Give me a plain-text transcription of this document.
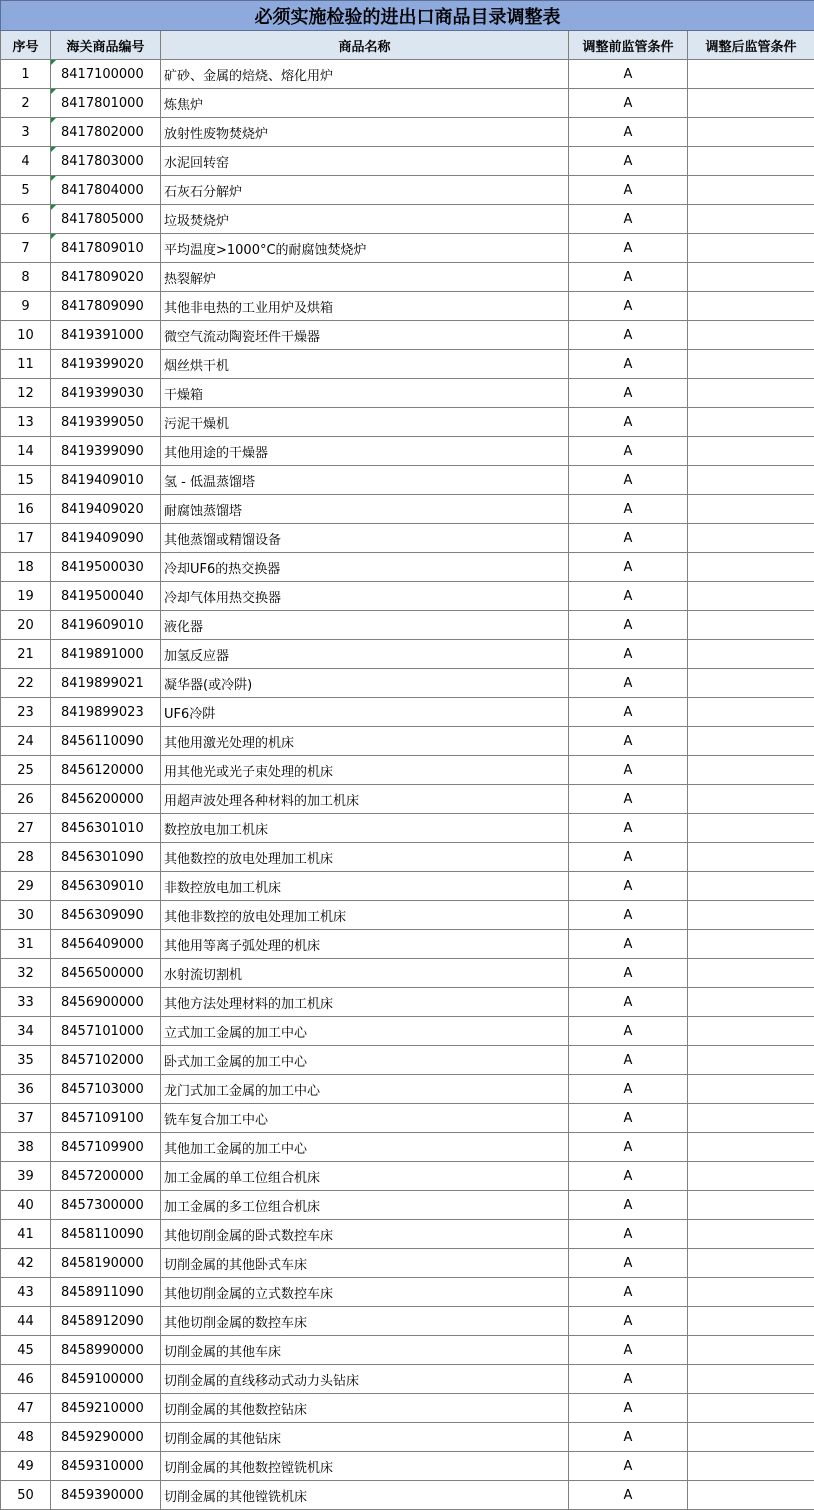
必须实施检验的进出口商品目录调整表				
序号	海关商品编号	商品名称	调整前监管条件	调整后监管条件
1	8417100000	矿砂、金属的焙烧、熔化用炉	A	
2	8417801000	炼焦炉	A	
3	8417802000	放射性废物焚烧炉	A	
4	8417803000	水泥回转窑	A	
5	8417804000	石灰石分解炉	A	
6	8417805000	垃圾焚烧炉	A	
7	8417809010	平均温度>1000°C的耐腐蚀焚烧炉	A	
8	8417809020	热裂解炉	A	
9	8417809090	其他非电热的工业用炉及烘箱	A	
10	8419391000	微空气流动陶瓷坯件干燥器	A	
11	8419399020	烟丝烘干机	A	
12	8419399030	干燥箱	A	
13	8419399050	污泥干燥机	A	
14	8419399090	其他用途的干燥器	A	
15	8419409010	氢 - 低温蒸馏塔	A	
16	8419409020	耐腐蚀蒸馏塔	A	
17	8419409090	其他蒸馏或精馏设备	A	
18	8419500030	冷却UF6的热交换器	A	
19	8419500040	冷却气体用热交换器	A	
20	8419609010	液化器	A	
21	8419891000	加氢反应器	A	
22	8419899021	凝华器(或冷阱)	A	
23	8419899023	UF6冷阱	A	
24	8456110090	其他用激光处理的机床	A	
25	8456120000	用其他光或光子束处理的机床	A	
26	8456200000	用超声波处理各种材料的加工机床	A	
27	8456301010	数控放电加工机床	A	
28	8456301090	其他数控的放电处理加工机床	A	
29	8456309010	非数控放电加工机床	A	
30	8456309090	其他非数控的放电处理加工机床	A	
31	8456409000	其他用等离子弧处理的机床	A	
32	8456500000	水射流切割机	A	
33	8456900000	其他方法处理材料的加工机床	A	
34	8457101000	立式加工金属的加工中心	A	
35	8457102000	卧式加工金属的加工中心	A	
36	8457103000	龙门式加工金属的加工中心	A	
37	8457109100	铣车复合加工中心	A	
38	8457109900	其他加工金属的加工中心	A	
39	8457200000	加工金属的单工位组合机床	A	
40	8457300000	加工金属的多工位组合机床	A	
41	8458110090	其他切削金属的卧式数控车床	A	
42	8458190000	切削金属的其他卧式车床	A	
43	8458911090	其他切削金属的立式数控车床	A	
44	8458912090	其他切削金属的数控车床	A	
45	8458990000	切削金属的其他车床	A	
46	8459100000	切削金属的直线移动式动力头钻床	A	
47	8459210000	切削金属的其他数控钻床	A	
48	8459290000	切削金属的其他钻床	A	
49	8459310000	切削金属的其他数控镗铣机床	A	
50	8459390000	切削金属的其他镗铣机床	A	
